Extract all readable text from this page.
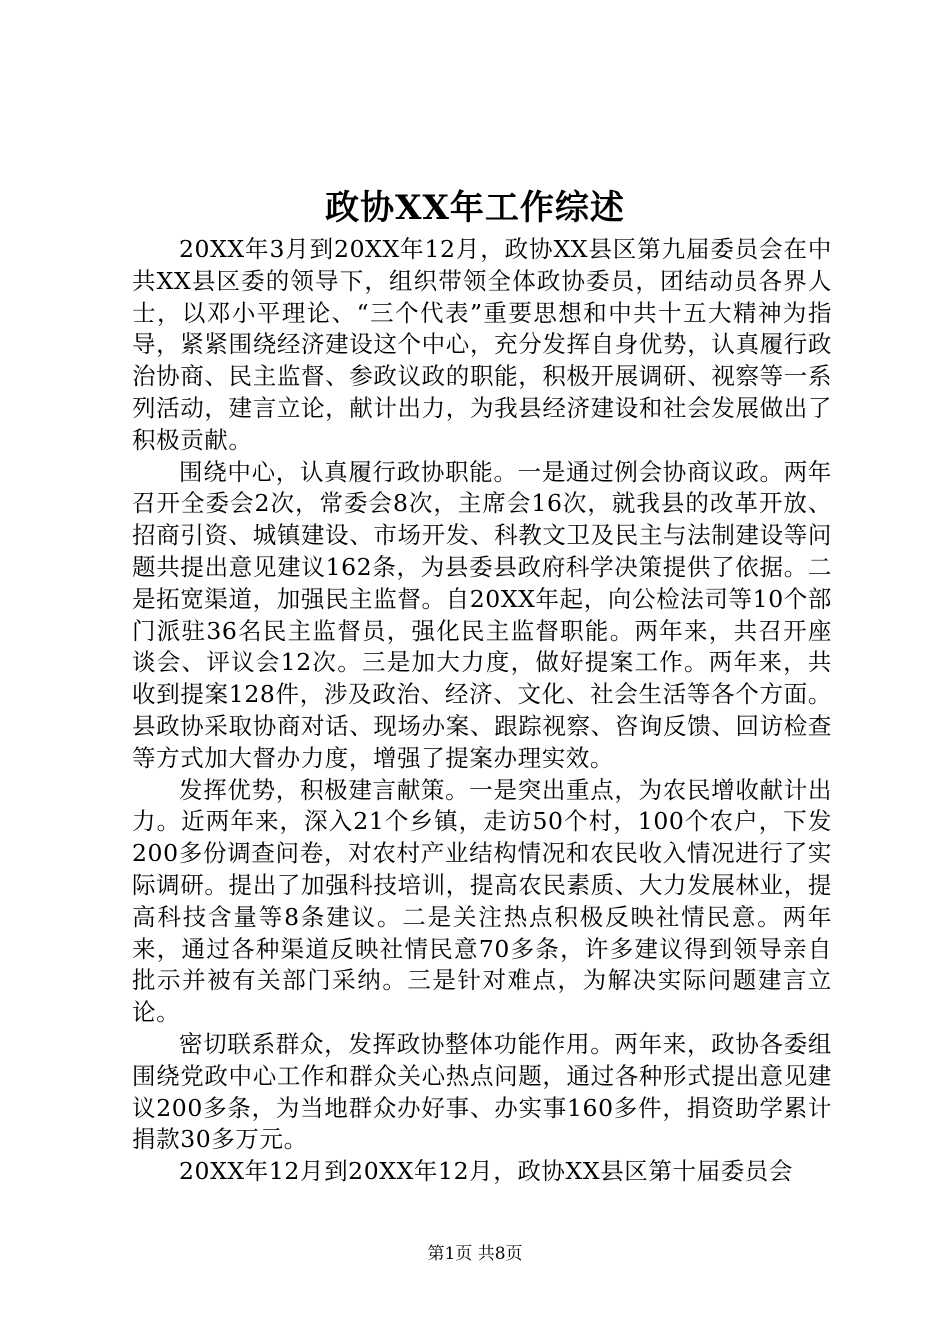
政协XX年工作综述

20XX年3月到20XX年12月，政协XX县区第九届委员会在中共XX县区委的领导下，组织带领全体政协委员，团结动员各界人士，以邓小平理论、“三个代表”重要思想和中共十五大精神为指导，紧紧围绕经济建设这个中心，充分发挥自身优势，认真履行政治协商、民主监督、参政议政的职能，积极开展调研、视察等一系列活动，建言立论，献计出力，为我县经济建设和社会发展做出了积极贡献。

围绕中心，认真履行政协职能。一是通过例会协商议政。两年召开全委会2次，常委会8次，主席会16次，就我县的改革开放、招商引资、城镇建设、市场开发、科教文卫及民主与法制建设等问题共提出意见建议162条，为县委县政府科学决策提供了依据。二是拓宽渠道，加强民主监督。自20XX年起，向公检法司等10个部门派驻36名民主监督员，强化民主监督职能。两年来，共召开座谈会、评议会12次。三是加大力度，做好提案工作。两年来，共收到提案128件，涉及政治、经济、文化、社会生活等各个方面。县政协采取协商对话、现场办案、跟踪视察、咨询反馈、回访检查等方式加大督办力度，增强了提案办理实效。

发挥优势，积极建言献策。一是突出重点，为农民增收献计出力。近两年来，深入21个乡镇，走访50个村，100个农户，下发200多份调查问卷，对农村产业结构情况和农民收入情况进行了实际调研。提出了加强科技培训，提高农民素质、大力发展林业，提高科技含量等8条建议。二是关注热点积极反映社情民意。两年来，通过各种渠道反映社情民意70多条，许多建议得到领导亲自批示并被有关部门采纳。三是针对难点，为解决实际问题建言立论。

密切联系群众，发挥政协整体功能作用。两年来，政协各委组围绕党政中心工作和群众关心热点问题，通过各种形式提出意见建议200多条，为当地群众办好事、办实事160多件，捐资助学累计捐款30多万元。

20XX年12月到20XX年12月，政协XX县区第十届委员会

第1页 共8页
